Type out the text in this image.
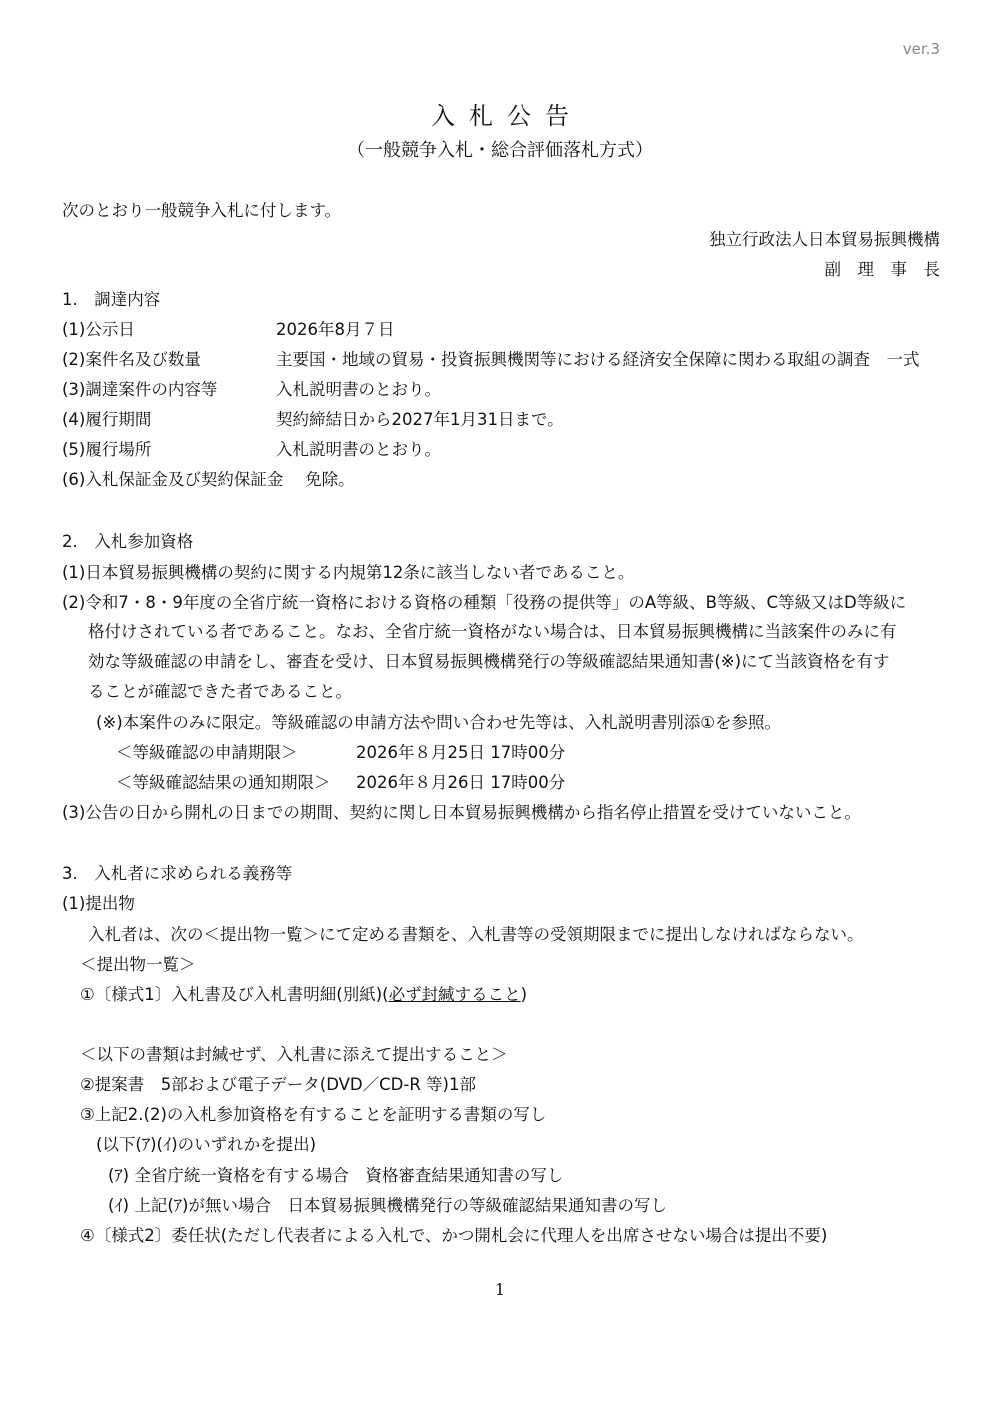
ver.3
入札公告
（一般競争入札・総合評価落札方式）
次のとおり一般競争入札に付します。
独立行政法人日本貿易振興機構
副　理　事　長
1.　調達内容
(1)公示日	2026年8月７日
(2)案件名及び数量	主要国・地域の貿易・投資振興機関等における経済安全保障に関わる取組の調査　一式
(3)調達案件の内容等	入札説明書のとおり。
(4)履行期間	契約締結日から2027年1月31日まで。
(5)履行場所	入札説明書のとおり。
(6)入札保証金及び契約保証金　 免除。
2.　入札参加資格
(1)日本貿易振興機構の契約に関する内規第12条に該当しない者であること。
(2)令和7・8・9年度の全省庁統一資格における資格の種類「役務の提供等」のA等級、B等級、C等級又はD等級に
格付けされている者であること。なお、全省庁統一資格がない場合は、日本貿易振興機構に当該案件のみに有
効な等級確認の申請をし、審査を受け、日本貿易振興機構発行の等級確認結果通知書(※)にて当該資格を有す
ることが確認できた者であること。
(※)本案件のみに限定。等級確認の申請方法や問い合わせ先等は、入札説明書別添①を参照。
＜等級確認の申請期限＞	2026年８月25日 17時00分
＜等級確認結果の通知期限＞ 2026年８月26日 17時00分
(3)公告の日から開札の日までの期間、契約に関し日本貿易振興機構から指名停止措置を受けていないこと。
3.　入札者に求められる義務等
(1)提出物
入札者は、次の＜提出物一覧＞にて定める書類を、入札書等の受領期限までに提出しなければならない。
＜提出物一覧＞
①〔様式1〕入札書及び入札書明細(別紙)(必ず封緘すること)
＜以下の書類は封緘せず、入札書に添えて提出すること＞
②提案書　5部および電子データ(DVD／CD-R 等)1部
③上記2.(2)の入札参加資格を有することを証明する書類の写し
(以下(ｱ)(ｲ)のいずれかを提出)
(ｱ) 全省庁統一資格を有する場合　資格審査結果通知書の写し
(ｲ) 上記(ｱ)が無い場合　日本貿易振興機構発行の等級確認結果通知書の写し
④〔様式2〕委任状(ただし代表者による入札で、かつ開札会に代理人を出席させない場合は提出不要)
1
